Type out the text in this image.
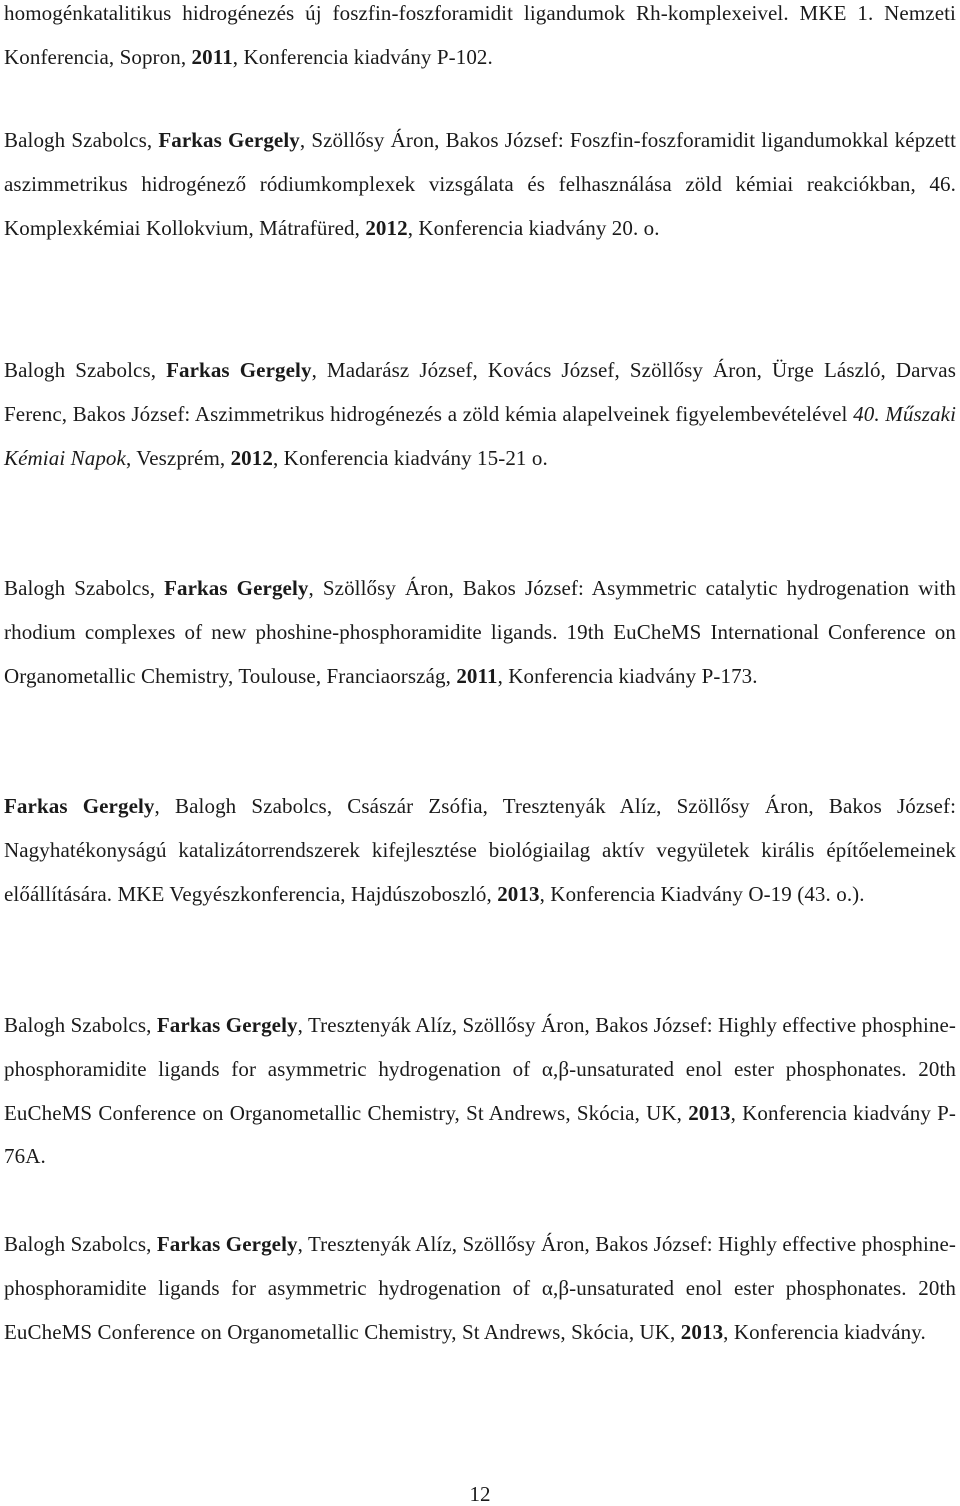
homogénkatalitikus hidrogénezés új foszfin-foszforamidit ligandumok Rh-komplexeivel. MKE 1. Nemzeti Konferencia, Sopron, 2011, Konferencia kiadvány P-102.

Balogh Szabolcs, Farkas Gergely, Szöllősy Áron, Bakos József: Foszfin-foszforamidit ligandumokkal képzett aszimmetrikus hidrogénező ródiumkomplexek vizsgálata és felhasználása zöld kémiai reakciókban, 46. Komplexkémiai Kollokvium, Mátrafüred, 2012, Konferencia kiadvány 20. o.

Balogh Szabolcs, Farkas Gergely, Madarász József, Kovács József, Szöllősy Áron, Ürge László, Darvas Ferenc, Bakos József: Aszimmetrikus hidrogénezés a zöld kémia alapelveinek figyelembevételével 40. Műszaki Kémiai Napok, Veszprém, 2012, Konferencia kiadvány 15-21 o.

Balogh Szabolcs, Farkas Gergely, Szöllősy Áron, Bakos József: Asymmetric catalytic hydrogenation with rhodium complexes of new phoshine-phosphoramidite ligands. 19th EuCheMS International Conference on Organometallic Chemistry, Toulouse, Franciaország, 2011, Konferencia kiadvány P-173.

Farkas Gergely, Balogh Szabolcs, Császár Zsófia, Tresztenyák Alíz, Szöllősy Áron, Bakos József: Nagyhatékonyságú katalizátorrendszerek kifejlesztése biológiailag aktív vegyületek királis építőelemeinek előállítására. MKE Vegyészkonferencia, Hajdúszoboszló, 2013, Konferencia Kiadvány O-19 (43. o.).

Balogh Szabolcs, Farkas Gergely, Tresztenyák Alíz, Szöllősy Áron, Bakos József: Highly effective phosphine-phosphoramidite ligands for asymmetric hydrogenation of α,β-unsaturated enol ester phosphonates. 20th EuCheMS Conference on Organometallic Chemistry, St Andrews, Skócia, UK, 2013, Konferencia kiadvány P-76A.

Balogh Szabolcs, Farkas Gergely, Tresztenyák Alíz, Szöllősy Áron, Bakos József: Highly effective phosphine-phosphoramidite ligands for asymmetric hydrogenation of α,β-unsaturated enol ester phosphonates. 20th EuCheMS Conference on Organometallic Chemistry, St Andrews, Skócia, UK, 2013, Konferencia kiadvány.

12
